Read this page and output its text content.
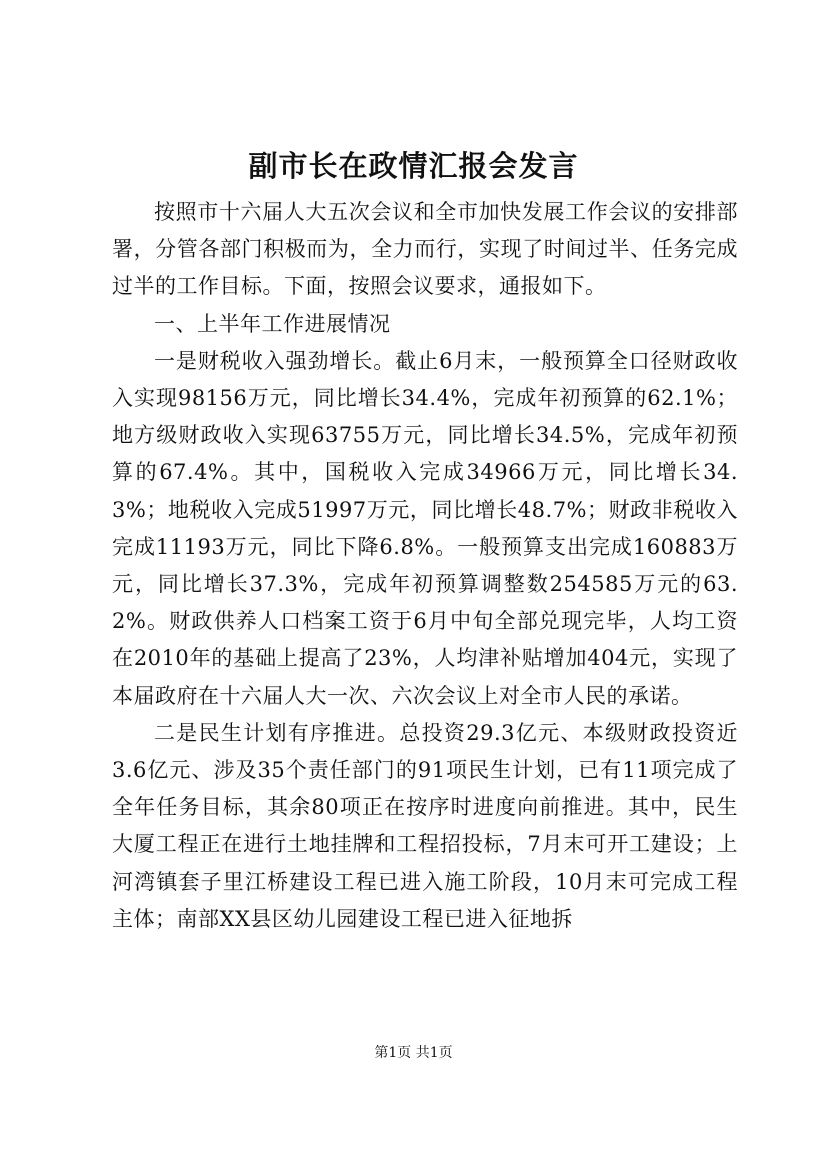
副市长在政情汇报会发言

按照市十六届人大五次会议和全市加快发展工作会议的安排部署，分管各部门积极而为，全力而行，实现了时间过半、任务完成过半的工作目标。下面，按照会议要求，通报如下。

一、上半年工作进展情况

一是财税收入强劲增长。截止6月末，一般预算全口径财政收入实现98156万元，同比增长34.4%，完成年初预算的62.1%；地方级财政收入实现63755万元，同比增长34.5%，完成年初预算的67.4%。其中，国税收入完成34966万元，同比增长34.3%；地税收入完成51997万元，同比增长48.7%；财政非税收入完成11193万元，同比下降6.8%。一般预算支出完成160883万元，同比增长37.3%，完成年初预算调整数254585万元的63.2%。财政供养人口档案工资于6月中旬全部兑现完毕，人均工资在2010年的基础上提高了23%，人均津补贴增加404元，实现了本届政府在十六届人大一次、六次会议上对全市人民的承诺。

二是民生计划有序推进。总投资29.3亿元、本级财政投资近3.6亿元、涉及35个责任部门的91项民生计划，已有11项完成了全年任务目标，其余80项正在按序时进度向前推进。其中，民生大厦工程正在进行土地挂牌和工程招投标，7月末可开工建设；上河湾镇套子里江桥建设工程已进入施工阶段，10月末可完成工程主体；南部XX县区幼儿园建设工程已进入征地拆

第1页 共1页
